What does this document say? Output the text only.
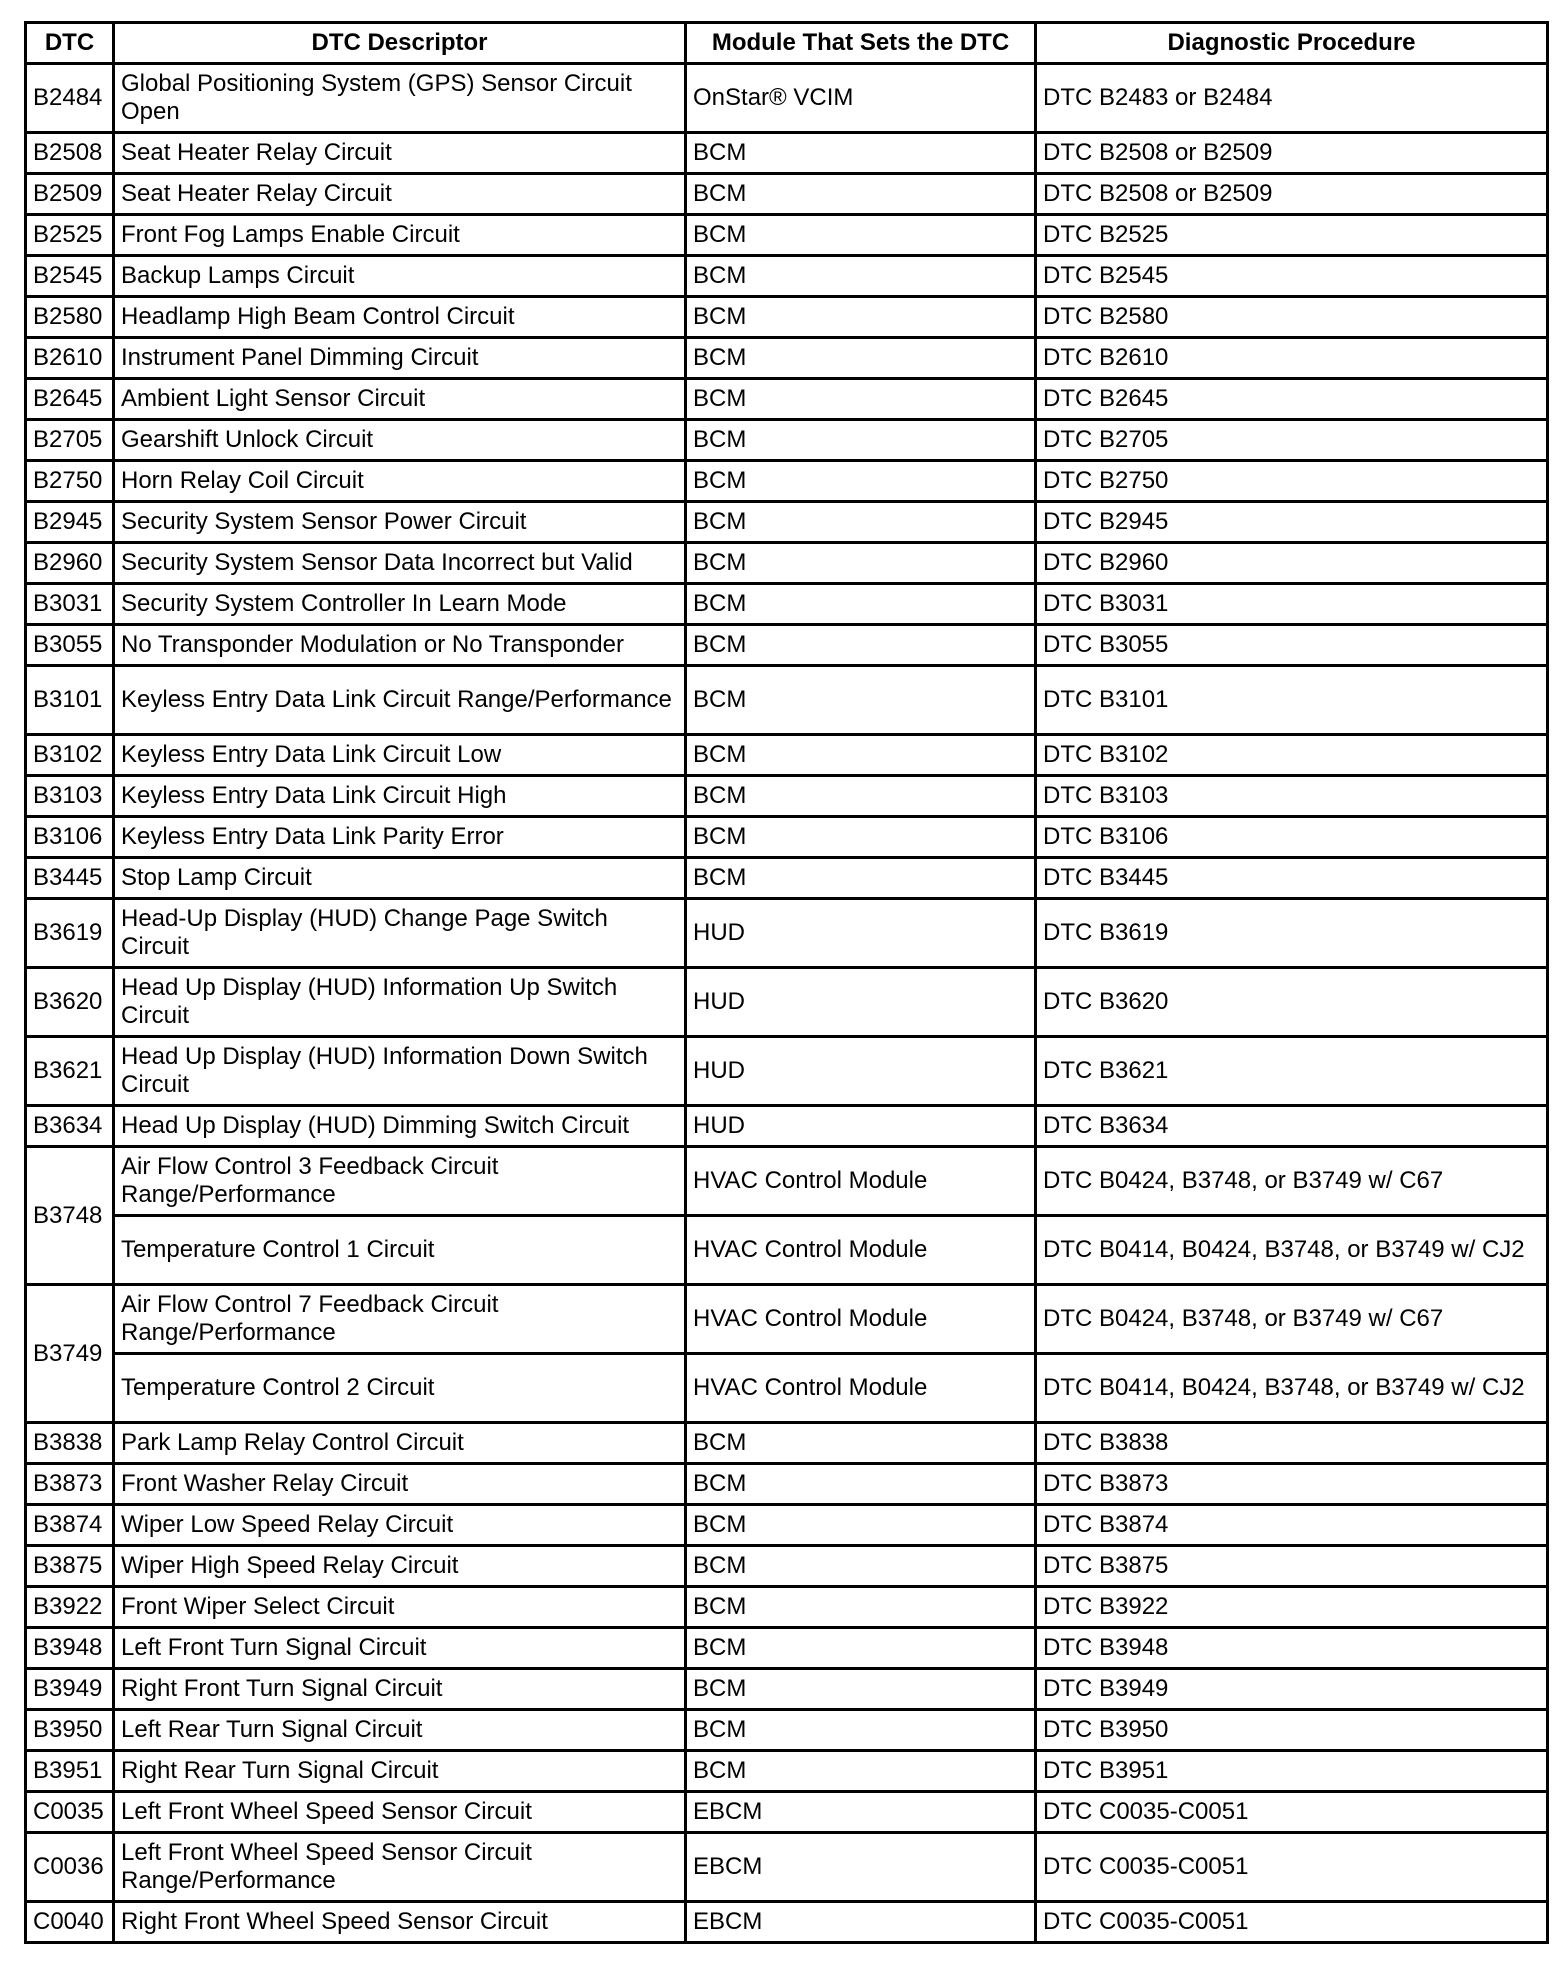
DTC	DTC Descriptor	Module That Sets the DTC	Diagnostic Procedure
B2484	Global Positioning System (GPS) Sensor Circuit Open	OnStar® VCIM	DTC B2483 or B2484
B2508	Seat Heater Relay Circuit	BCM	DTC B2508 or B2509
B2509	Seat Heater Relay Circuit	BCM	DTC B2508 or B2509
B2525	Front Fog Lamps Enable Circuit	BCM	DTC B2525
B2545	Backup Lamps Circuit	BCM	DTC B2545
B2580	Headlamp High Beam Control Circuit	BCM	DTC B2580
B2610	Instrument Panel Dimming Circuit	BCM	DTC B2610
B2645	Ambient Light Sensor Circuit	BCM	DTC B2645
B2705	Gearshift Unlock Circuit	BCM	DTC B2705
B2750	Horn Relay Coil Circuit	BCM	DTC B2750
B2945	Security System Sensor Power Circuit	BCM	DTC B2945
B2960	Security System Sensor Data Incorrect but Valid	BCM	DTC B2960
B3031	Security System Controller In Learn Mode	BCM	DTC B3031
B3055	No Transponder Modulation or No Transponder	BCM	DTC B3055
B3101	Keyless Entry Data Link Circuit Range/Performance	BCM	DTC B3101
B3102	Keyless Entry Data Link Circuit Low	BCM	DTC B3102
B3103	Keyless Entry Data Link Circuit High	BCM	DTC B3103
B3106	Keyless Entry Data Link Parity Error	BCM	DTC B3106
B3445	Stop Lamp Circuit	BCM	DTC B3445
B3619	Head-Up Display (HUD) Change Page Switch Circuit	HUD	DTC B3619
B3620	Head Up Display (HUD) Information Up Switch Circuit	HUD	DTC B3620
B3621	Head Up Display (HUD) Information Down Switch Circuit	HUD	DTC B3621
B3634	Head Up Display (HUD) Dimming Switch Circuit	HUD	DTC B3634
B3748	Air Flow Control 3 Feedback Circuit Range/Performance	HVAC Control Module	DTC B0424, B3748, or B3749 w/ C67
	Temperature Control 1 Circuit	HVAC Control Module	DTC B0414, B0424, B3748, or B3749 w/ CJ2
B3749	Air Flow Control 7 Feedback Circuit Range/Performance	HVAC Control Module	DTC B0424, B3748, or B3749 w/ C67
	Temperature Control 2 Circuit	HVAC Control Module	DTC B0414, B0424, B3748, or B3749 w/ CJ2
B3838	Park Lamp Relay Control Circuit	BCM	DTC B3838
B3873	Front Washer Relay Circuit	BCM	DTC B3873
B3874	Wiper Low Speed Relay Circuit	BCM	DTC B3874
B3875	Wiper High Speed Relay Circuit	BCM	DTC B3875
B3922	Front Wiper Select Circuit	BCM	DTC B3922
B3948	Left Front Turn Signal Circuit	BCM	DTC B3948
B3949	Right Front Turn Signal Circuit	BCM	DTC B3949
B3950	Left Rear Turn Signal Circuit	BCM	DTC B3950
B3951	Right Rear Turn Signal Circuit	BCM	DTC B3951
C0035	Left Front Wheel Speed Sensor Circuit	EBCM	DTC C0035-C0051
C0036	Left Front Wheel Speed Sensor Circuit Range/Performance	EBCM	DTC C0035-C0051
C0040	Right Front Wheel Speed Sensor Circuit	EBCM	DTC C0035-C0051
